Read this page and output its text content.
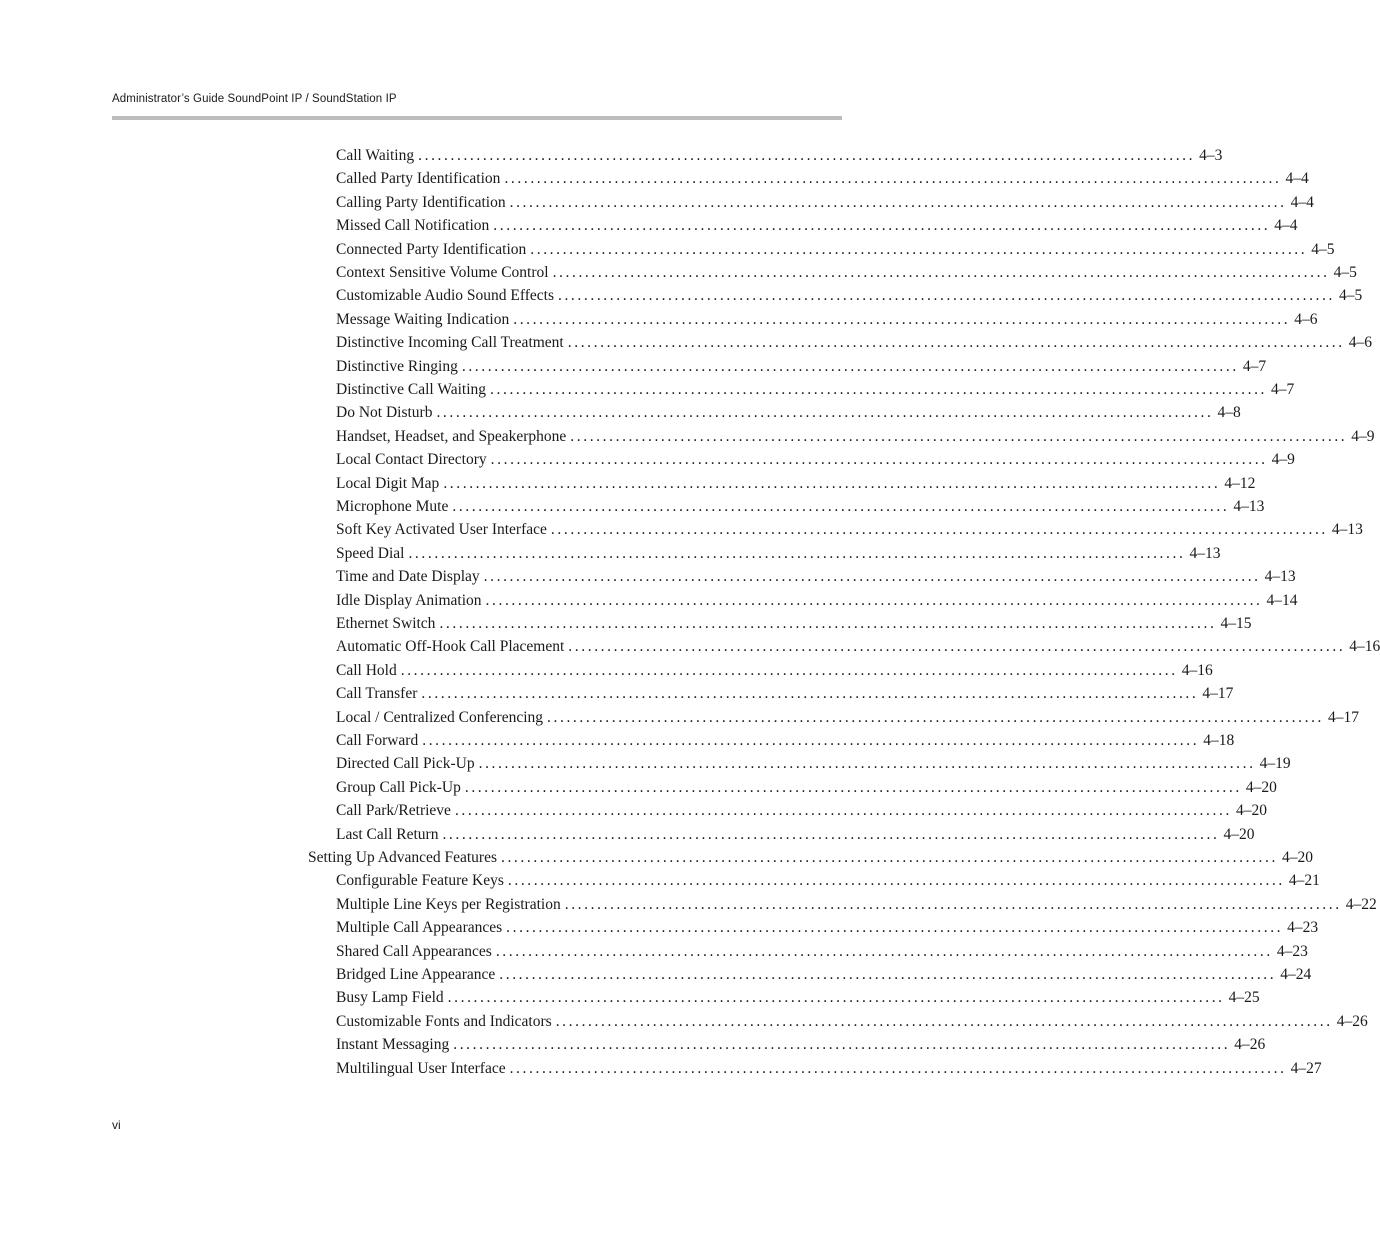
Administrator’s Guide SoundPoint IP / SoundStation IP
Call Waiting ........................................................................................................................ 4–3
Called Party Identification ........................................................................................................................ 4–4
Calling Party Identification ........................................................................................................................ 4–4
Missed Call Notification ........................................................................................................................ 4–4
Connected Party Identification ........................................................................................................................ 4–5
Context Sensitive Volume Control ........................................................................................................................ 4–5
Customizable Audio Sound Effects ........................................................................................................................ 4–5
Message Waiting Indication ........................................................................................................................ 4–6
Distinctive Incoming Call Treatment ........................................................................................................................ 4–6
Distinctive Ringing ........................................................................................................................ 4–7
Distinctive Call Waiting ........................................................................................................................ 4–7
Do Not Disturb ........................................................................................................................ 4–8
Handset, Headset, and Speakerphone ........................................................................................................................ 4–9
Local Contact Directory ........................................................................................................................ 4–9
Local Digit Map ........................................................................................................................ 4–12
Microphone Mute ........................................................................................................................ 4–13
Soft Key Activated User Interface ........................................................................................................................ 4–13
Speed Dial ........................................................................................................................ 4–13
Time and Date Display ........................................................................................................................ 4–13
Idle Display Animation ........................................................................................................................ 4–14
Ethernet Switch ........................................................................................................................ 4–15
Automatic Off-Hook Call Placement ........................................................................................................................ 4–16
Call Hold ........................................................................................................................ 4–16
Call Transfer ........................................................................................................................ 4–17
Local / Centralized Conferencing ........................................................................................................................ 4–17
Call Forward ........................................................................................................................ 4–18
Directed Call Pick-Up ........................................................................................................................ 4–19
Group Call Pick-Up ........................................................................................................................ 4–20
Call Park/Retrieve ........................................................................................................................ 4–20
Last Call Return ........................................................................................................................ 4–20
Setting Up Advanced Features ........................................................................................................................ 4–20
Configurable Feature Keys ........................................................................................................................ 4–21
Multiple Line Keys per Registration ........................................................................................................................ 4–22
Multiple Call Appearances ........................................................................................................................ 4–23
Shared Call Appearances ........................................................................................................................ 4–23
Bridged Line Appearance ........................................................................................................................ 4–24
Busy Lamp Field ........................................................................................................................ 4–25
Customizable Fonts and Indicators ........................................................................................................................ 4–26
Instant Messaging ........................................................................................................................ 4–26
Multilingual User Interface ........................................................................................................................ 4–27
vi
